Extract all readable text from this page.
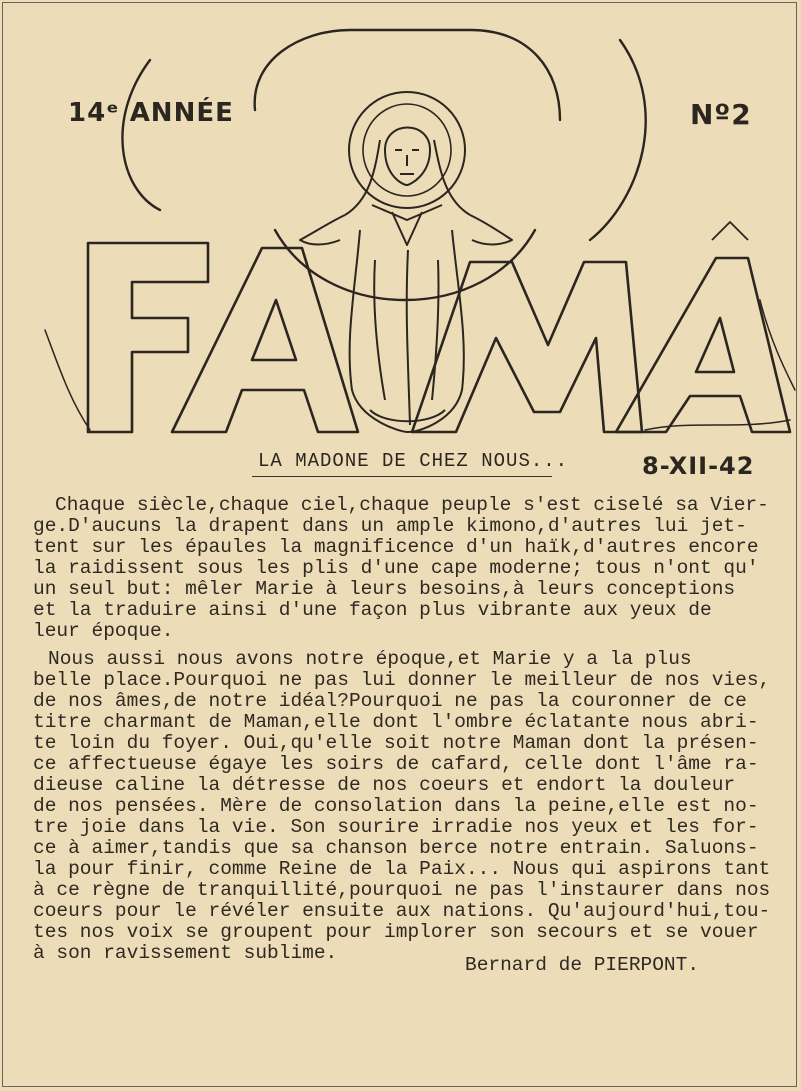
14ᵉ ANNÉE	Nº2
LA MADONE DE CHEZ NOUS...	8-XII-42
Chaque siècle,chaque ciel,chaque peuple s'est ciselé sa Vier-
ge.D'aucuns la drapent dans un ample kimono,d'autres lui jet-
tent sur les épaules la magnificence d'un haïk,d'autres encore
la raidissent sous les plis d'une cape moderne; tous n'ont qu'
un seul but: mêler Marie à leurs besoins,à leurs conceptions
et la traduire ainsi d'une façon plus vibrante aux yeux de
leur époque.
Nous aussi nous avons notre époque,et Marie y a la plus
belle place.Pourquoi ne pas lui donner le meilleur de nos vies,
de nos âmes,de notre idéal?Pourquoi ne pas la couronner de ce
titre charmant de Maman,elle dont l'ombre éclatante nous abri-
te loin du foyer. Oui,qu'elle soit notre Maman dont la présen-
ce affectueuse égaye les soirs de cafard, celle dont l'âme ra-
dieuse caline la détresse de nos coeurs et endort la douleur
de nos pensées. Mère de consolation dans la peine,elle est no-
tre joie dans la vie. Son sourire irradie nos yeux et les for-
ce à aimer,tandis que sa chanson berce notre entrain. Saluons-
la pour finir, comme Reine de la Paix... Nous qui aspirons tant
à ce règne de tranquillité,pourquoi ne pas l'instaurer dans nos
coeurs pour le révéler ensuite aux nations. Qu'aujourd'hui,tou-
tes nos voix se groupent pour implorer son secours et se vouer
à son ravissement sublime.
Bernard de PIERPONT.
